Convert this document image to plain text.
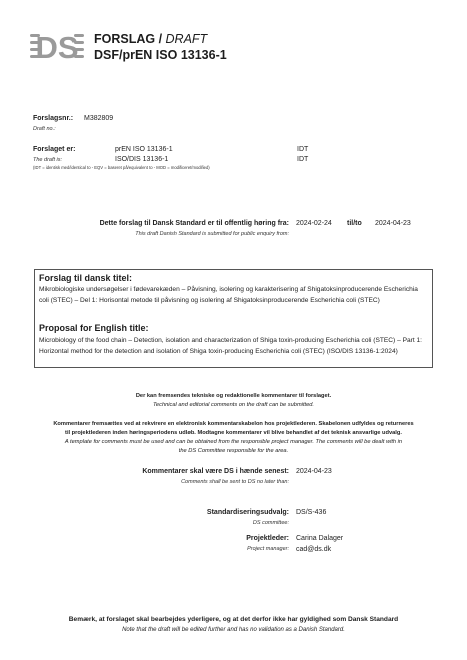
DS FORSLAG / DRAFT
DSF/prEN ISO 13136-1
Forslagsnr.:
Draft no.:
M382809
Forslaget er:
The draft is:
(IDT = identisk med/identical to - EQV = baseret på/equivalent to - MOD = modificeret/modified)
prEN ISO 13136-1	IDT
ISO/DIS 13136-1	IDT
Dette forslag til Dansk Standard er til offentlig høring fra:
This draft Danish Standard is submitted for public enquiry from:
2024-02-24 til/to 2024-04-23
Forslag til dansk titel:
Mikrobiologiske undersøgelser i fødevarekæden – Påvisning, isolering og karakterisering af Shigatoksinproducerende Escherichia coli (STEC) – Del 1: Horisontal metode til påvisning og isolering af Shigatoksinproducerende Escherichia coli (STEC)
Proposal for English title:
Microbiology of the food chain – Detection, isolation and characterization of Shiga toxin-producing Escherichia coli (STEC) – Part 1: Horizontal method for the detection and isolation of Shiga toxin-producing Escherichia coli (STEC) (ISO/DIS 13136-1:2024)
Der kan fremsendes tekniske og redaktionelle kommentarer til forslaget.
Technical and editorial comments on the draft can be submitted.
Kommentarer fremsættes ved at rekvirere en elektronisk kommentarskabelon hos projektlederen. Skabelonen udfyldes og returneres
til projektlederen inden høringsperiodens udløb. Modtagne kommentarer vil blive behandlet af det teknisk ansvarlige udvalg.
A template for comments must be used and can be obtained from the responsible project manager. The comments will be dealt with in
the DS Committee responsible for the area.
Kommentarer skal være DS i hænde senest:
Comments shall be sent to DS no later than:
2024-04-23
Standardiseringsudvalg:
DS committee:
DS/S-436
Projektleder:
Project manager:
Carina Dalager
cad@ds.dk
Bemærk, at forslaget skal bearbejdes yderligere, og at det derfor ikke har gyldighed som Dansk Standard
Note that the draft will be edited further and has no validation as a Danish Standard.
